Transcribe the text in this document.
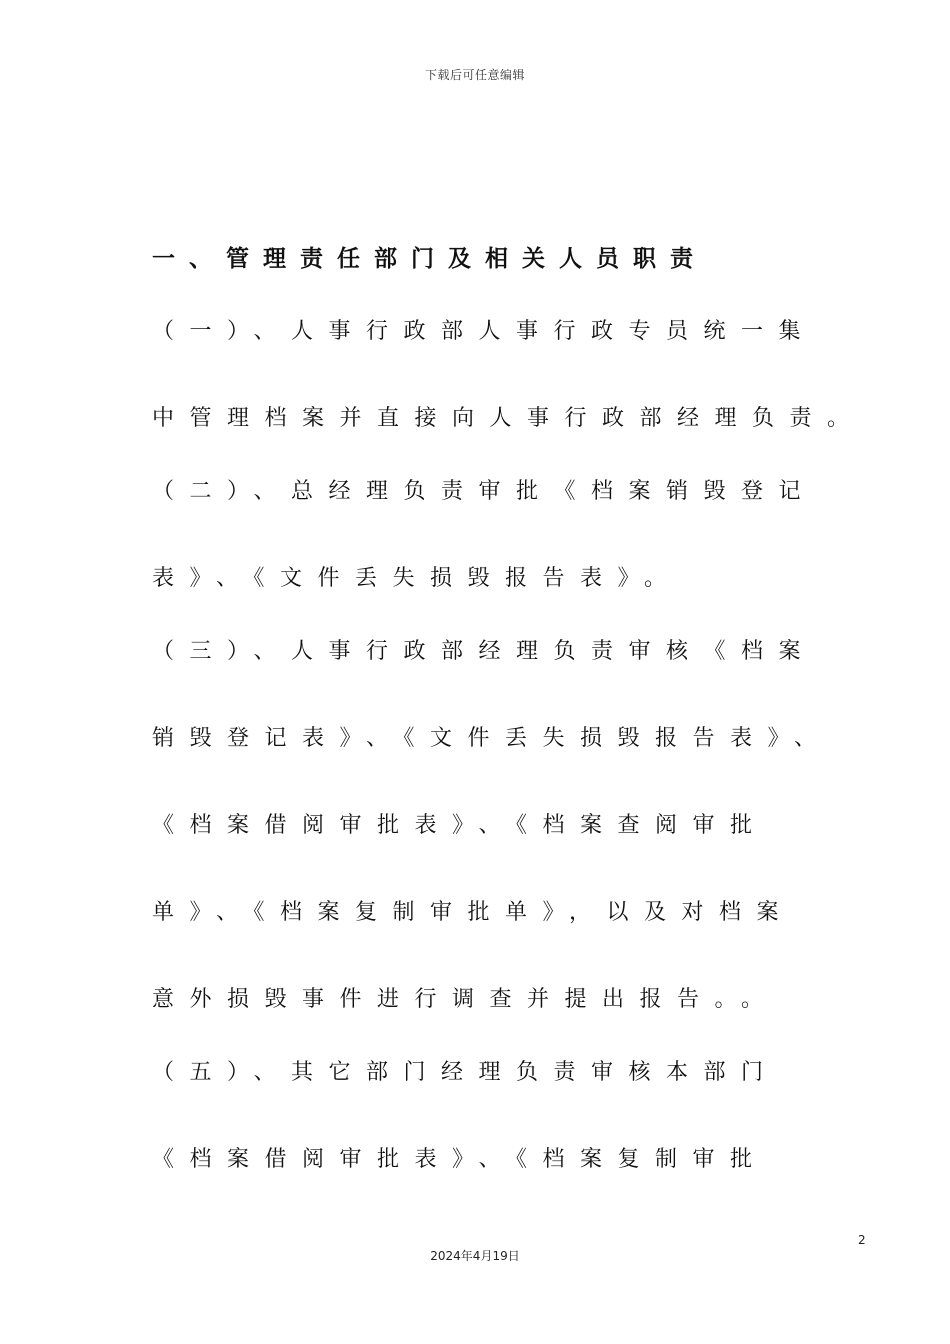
下载后可任意编辑
一、管理责任部门及相关人员职责
（一）、人事行政部人事行政专员统一集
中管理档案并直接向人事行政部经理负责。
（二）、总经理负责审批《档案销毁登记
表》、《文件丢失损毁报告表》。
（三）、人事行政部经理负责审核《档案
销毁登记表》、《文件丢失损毁报告表》、
《档案借阅审批表》、《档案查阅审批
单》、《档案复制审批单》，以及对档案
意外损毁事件进行调查并提出报告。。
（五）、其它部门经理负责审核本部门
《档案借阅审批表》、《档案复制审批
2
2024年4月19日
